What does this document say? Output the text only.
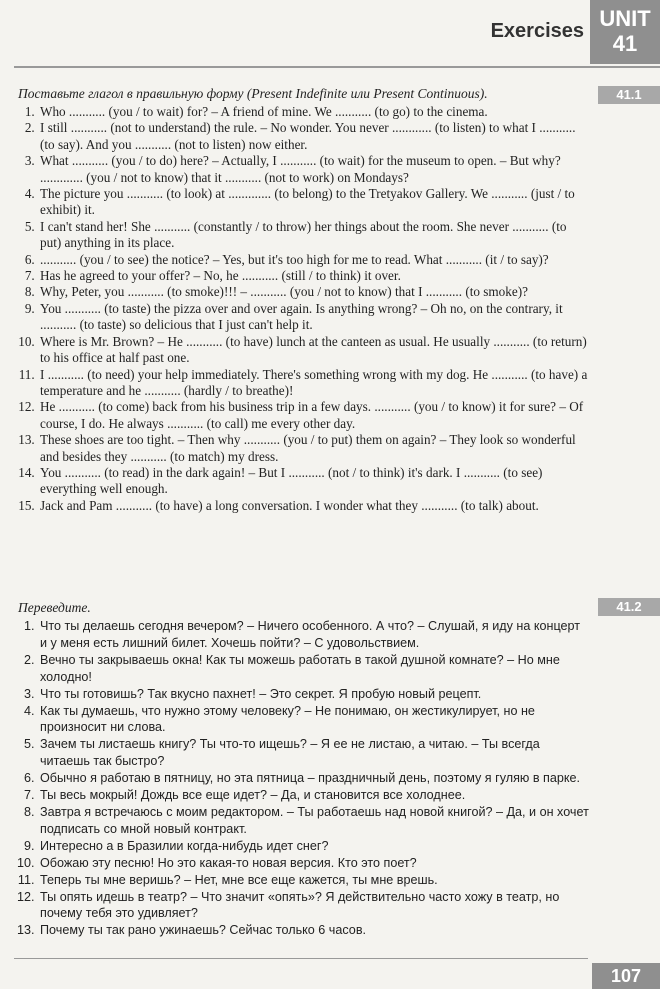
Exercises UNIT
41
41.1

Поставьте глагол в правильную форму (Present Indefinite или Present Continuous).

1. Who ........... (you / to wait) for? – A friend of mine. We ........... (to go) to the cinema.
2. I still ........... (not to understand) the rule. – No wonder. You never ............ (to listen) to what I ........... (to say). And you ........... (not to listen) now either.
3. What ........... (you / to do) here? – Actually, I ........... (to wait) for the museum to open. – But why? ............. (you / not to know) that it ........... (not to work) on Mondays?
4. The picture you ........... (to look) at ............. (to belong) to the Tretyakov Gallery. We ........... (just / to exhibit) it.
5. I can't stand her! She ........... (constantly / to throw) her things about the room. She never ........... (to put) anything in its place.
6. ........... (you / to see) the notice? – Yes, but it's too high for me to read. What ........... (it / to say)?
7. Has he agreed to your offer? – No, he ........... (still / to think) it over.
8. Why, Peter, you ........... (to smoke)!!! – ........... (you / not to know) that I ........... (to smoke)?
9. You ........... (to taste) the pizza over and over again. Is anything wrong? – Oh no, on the contrary, it ........... (to taste) so delicious that I just can't help it.
10. Where is Mr. Brown? – He ........... (to have) lunch at the canteen as usual. He usually ........... (to return) to his office at half past one.
11. I ........... (to need) your help immediately. There's something wrong with my dog. He ........... (to have) a temperature and he ........... (hardly / to breathe)!
12. He ........... (to come) back from his business trip in a few days. ........... (you / to know) it for sure? – Of course, I do. He always ........... (to call) me every other day.
13. These shoes are too tight. – Then why ........... (you / to put) them on again? – They look so wonderful and besides they ........... (to match) my dress.
14. You ........... (to read) in the dark again! – But I ........... (not / to think) it's dark. I ........... (to see) everything well enough.
15. Jack and Pam ........... (to have) a long conversation. I wonder what they ........... (to talk) about.
41.2

Переведите.

1. Что ты делаешь сегодня вечером? – Ничего особенного. А что? – Слушай, я иду на концерт и у меня есть лишний билет. Хочешь пойти? – С удовольствием.
2. Вечно ты закрываешь окна! Как ты можешь работать в такой душной комнате? – Но мне холодно!
3. Что ты готовишь? Так вкусно пахнет! – Это секрет. Я пробую новый рецепт.
4. Как ты думаешь, что нужно этому человеку? – Не понимаю, он жестикулирует, но не произносит ни слова.
5. Зачем ты листаешь книгу? Ты что-то ищешь? – Я ее не листаю, а читаю. – Ты всегда читаешь так быстро?
6. Обычно я работаю в пятницу, но эта пятница – праздничный день, поэтому я гуляю в парке.
7. Ты весь мокрый! Дождь все еще идет? – Да, и становится все холоднее.
8. Завтра я встречаюсь с моим редактором. – Ты работаешь над новой книгой? – Да, и он хочет подписать со мной новый контракт.
9. Интересно а в Бразилии когда-нибудь идет снег?
10. Обожаю эту песню! Но это какая-то новая версия. Кто это поет?
11. Теперь ты мне веришь? – Нет, мне все еще кажется, ты мне врешь.
12. Ты опять идешь в театр? – Что значит «опять»? Я действительно часто хожу в театр, но почему тебя это удивляет?
13. Почему ты так рано ужинаешь? Сейчас только 6 часов.
107
